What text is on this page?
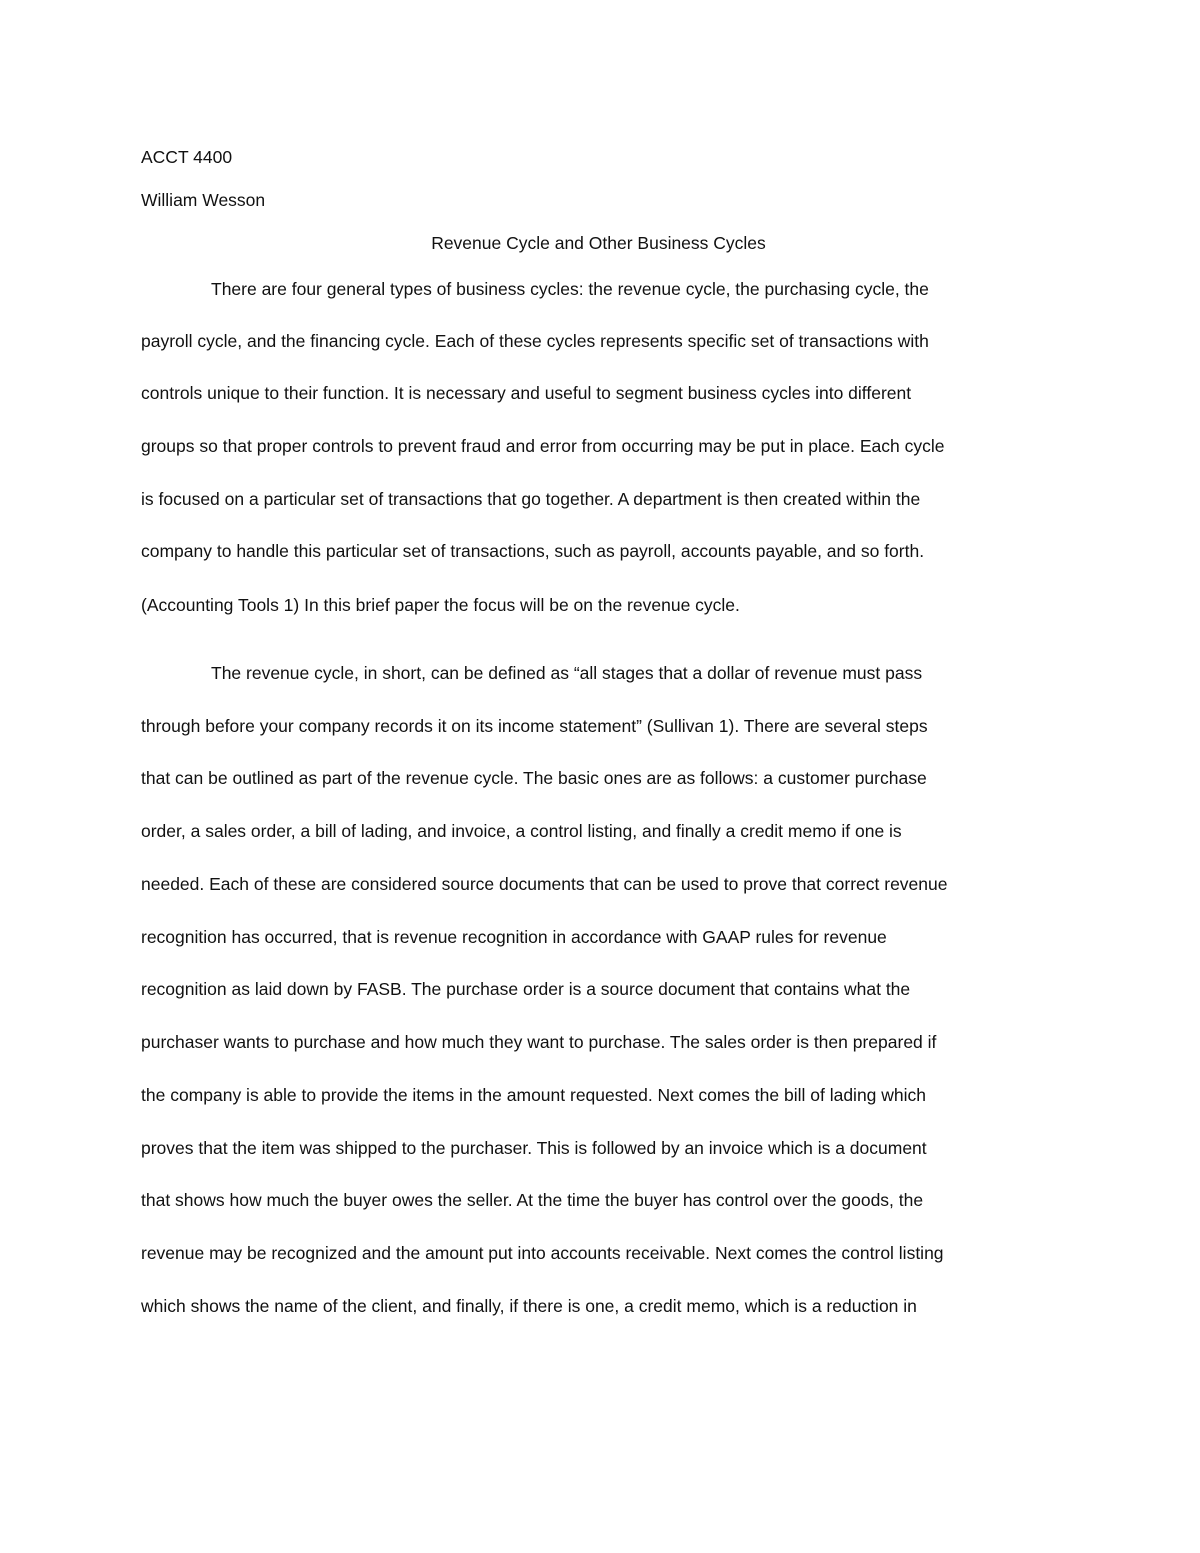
ACCT 4400
William Wesson
Revenue Cycle and Other Business Cycles
There are four general types of business cycles: the revenue cycle, the purchasing cycle, the
payroll cycle, and the financing cycle. Each of these cycles represents specific set of transactions with
controls unique to their function. It is necessary and useful to segment business cycles into different
groups so that proper controls to prevent fraud and error from occurring may be put in place. Each cycle
is focused on a particular set of transactions that go together. A department is then created within the
company to handle this particular set of transactions, such as payroll, accounts payable, and so forth.
(Accounting Tools 1) In this brief paper the focus will be on the revenue cycle.
The revenue cycle, in short, can be defined as “all stages that a dollar of revenue must pass
through before your company records it on its income statement” (Sullivan 1). There are several steps
that can be outlined as part of the revenue cycle. The basic ones are as follows: a customer purchase
order, a sales order, a bill of lading, and invoice, a control listing, and finally a credit memo if one is
needed. Each of these are considered source documents that can be used to prove that correct revenue
recognition has occurred, that is revenue recognition in accordance with GAAP rules for revenue
recognition as laid down by FASB. The purchase order is a source document that contains what the
purchaser wants to purchase and how much they want to purchase. The sales order is then prepared if
the company is able to provide the items in the amount requested. Next comes the bill of lading which
proves that the item was shipped to the purchaser. This is followed by an invoice which is a document
that shows how much the buyer owes the seller. At the time the buyer has control over the goods, the
revenue may be recognized and the amount put into accounts receivable. Next comes the control listing
which shows the name of the client, and finally, if there is one, a credit memo, which is a reduction in
